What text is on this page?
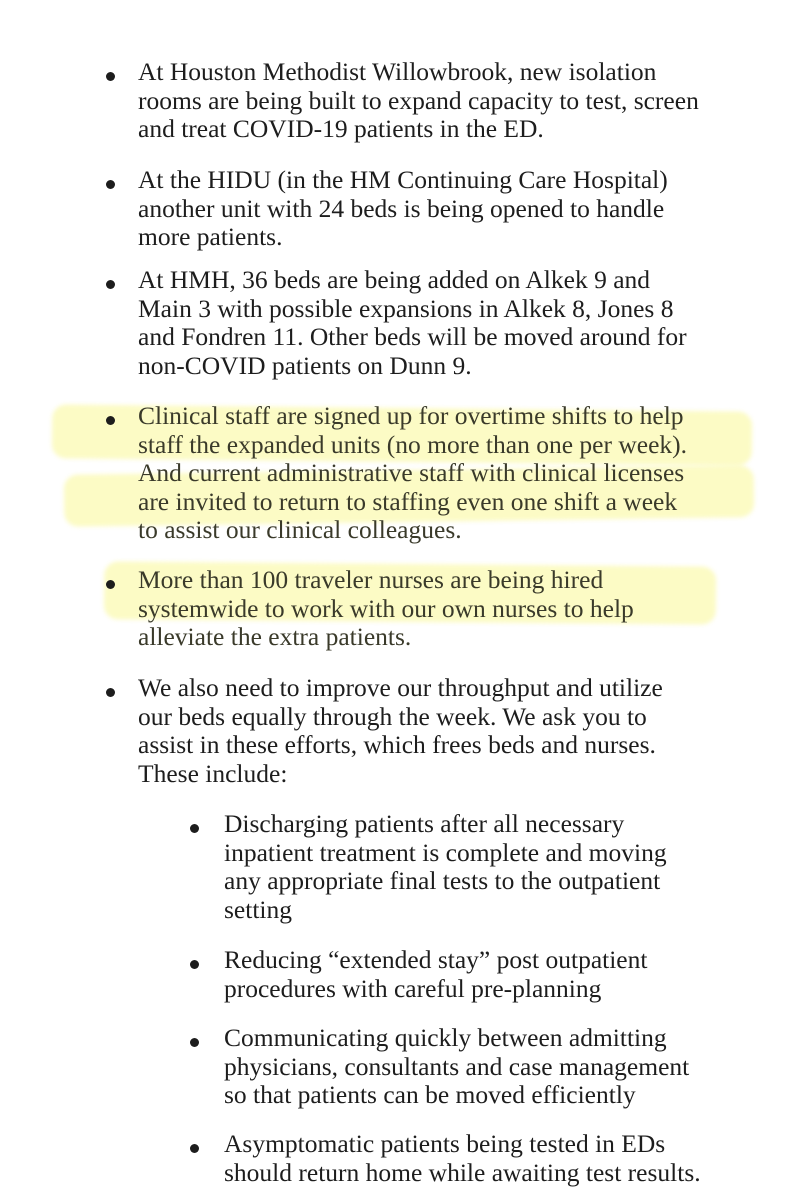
At Houston Methodist Willowbrook, new isolation
rooms are being built to expand capacity to test, screen
and treat COVID-19 patients in the ED.
At the HIDU (in the HM Continuing Care Hospital)
another unit with 24 beds is being opened to handle
more patients.
At HMH, 36 beds are being added on Alkek 9 and
Main 3 with possible expansions in Alkek 8, Jones 8
and Fondren 11. Other beds will be moved around for
non-COVID patients on Dunn 9.
Clinical staff are signed up for overtime shifts to help
staff the expanded units (no more than one per week).
And current administrative staff with clinical licenses
are invited to return to staffing even one shift a week
to assist our clinical colleagues.
More than 100 traveler nurses are being hired
systemwide to work with our own nurses to help
alleviate the extra patients.
We also need to improve our throughput and utilize
our beds equally through the week. We ask you to
assist in these efforts, which frees beds and nurses.
These include:
Discharging patients after all necessary
inpatient treatment is complete and moving
any appropriate final tests to the outpatient
setting
Reducing “extended stay” post outpatient
procedures with careful pre-planning
Communicating quickly between admitting
physicians, consultants and case management
so that patients can be moved efficiently
Asymptomatic patients being tested in EDs
should return home while awaiting test results.
